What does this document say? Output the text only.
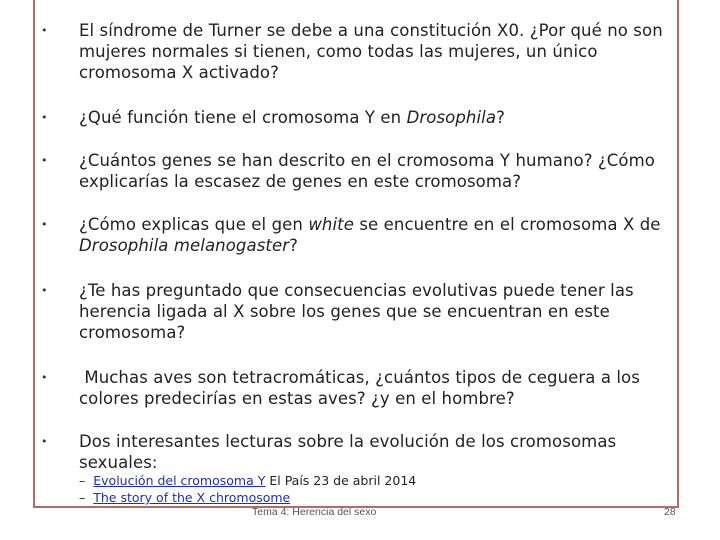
• El síndrome de Turner se debe a una constitución X0. ¿Por qué no son mujeres normales si tienen, como todas las mujeres, un único cromosoma X activado?
• ¿Qué función tiene el cromosoma Y en Drosophila?
• ¿Cuántos genes se han descrito en el cromosoma Y humano? ¿Cómo explicarías la escasez de genes en este cromosoma?
• ¿Cómo explicas que el gen white se encuentre en el cromosoma X de Drosophila melanogaster?
• ¿Te has preguntado que consecuencias evolutivas puede tener las herencia ligada al X sobre los genes que se encuentran en este cromosoma?
• Muchas aves son tetracromáticas, ¿cuántos tipos de ceguera a los colores predecirías en estas aves? ¿y en el hombre?
• Dos interesantes lecturas sobre la evolución de los cromosomas sexuales:
– Evolución del cromosoma Y El País 23 de abril 2014
– The story of the X chromosome
Tema 4: Herencia del sexo	28
